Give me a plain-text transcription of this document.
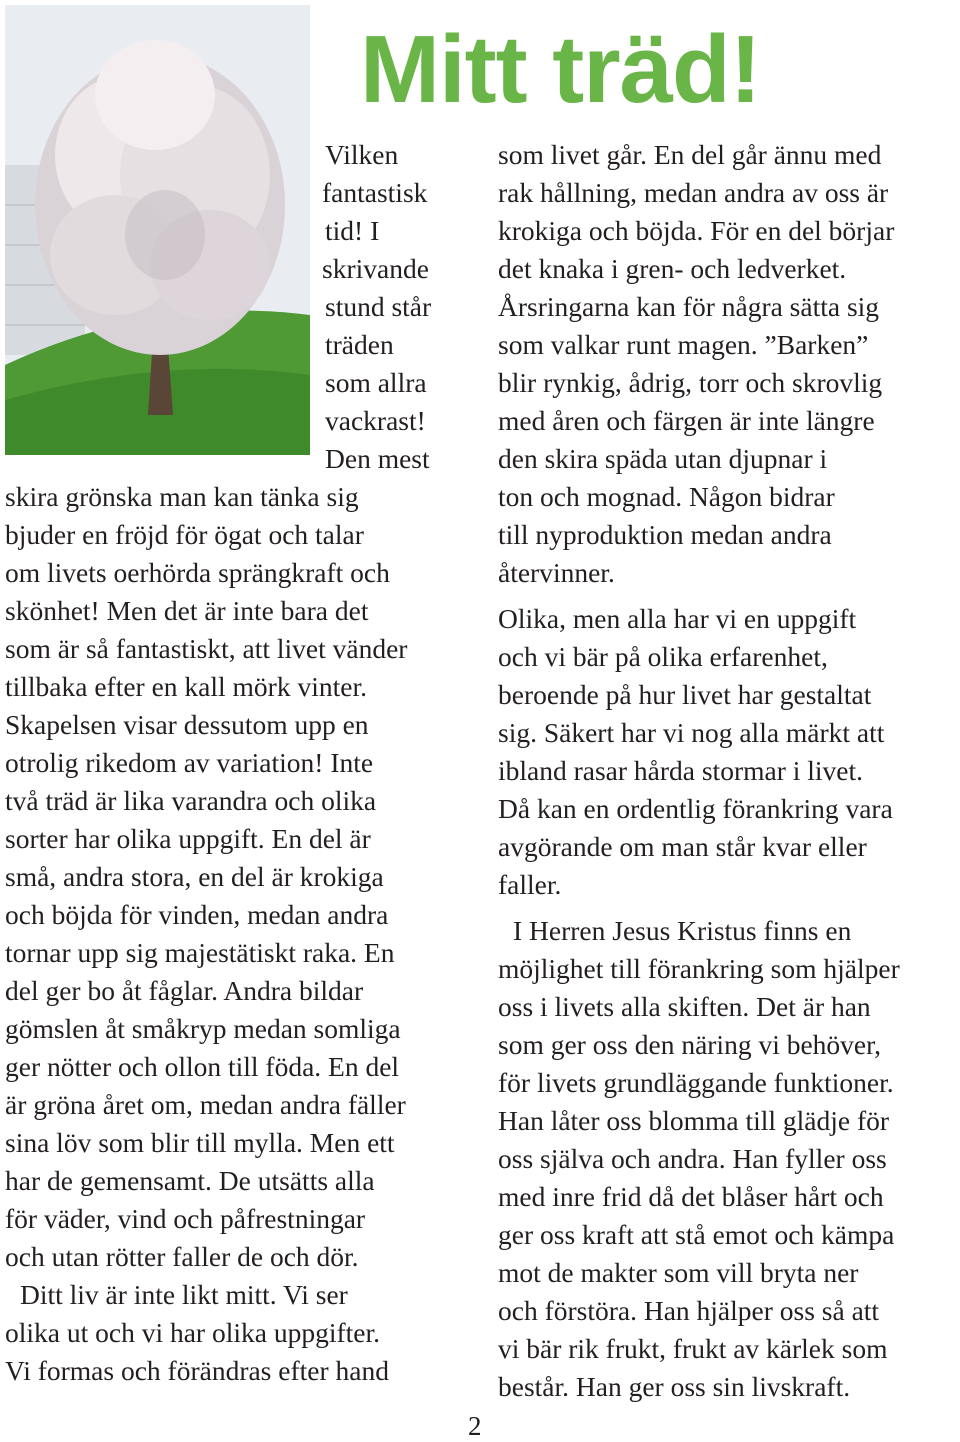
Mitt träd!

Vilken

fantastisk

tid! I

skrivande

stund står

träden

som allra

vackrast!

Den mest

skira grönska man kan tänka sig

bjuder en fröjd för ögat och talar

om livets oerhörda sprängkraft och

skönhet! Men det är inte bara det

som är så fantastiskt, att livet vänder

tillbaka efter en kall mörk vinter.

Skapelsen visar dessutom upp en

otrolig rikedom av variation! Inte

två träd är lika varandra och olika

sorter har olika uppgift. En del är

små, andra stora, en del är krokiga

och böjda för vinden, medan andra

tornar upp sig majestätiskt raka. En

del ger bo åt fåglar. Andra bildar

gömslen åt småkryp medan somliga

ger nötter och ollon till föda. En del

är gröna året om, medan andra fäller

sina löv som blir till mylla. Men ett

har de gemensamt. De utsätts alla

för väder, vind och påfrestningar

och utan rötter faller de och dör.

Ditt liv är inte likt mitt. Vi ser

olika ut och vi har olika uppgifter.

Vi formas och förändras efter hand

som livet går. En del går ännu med

rak hållning, medan andra av oss är

krokiga och böjda. För en del börjar

det knaka i gren- och ledverket.

Årsringarna kan för några sätta sig

som valkar runt magen. ”Barken”

blir rynkig, ådrig, torr och skrovlig

med åren och färgen är inte längre

den skira späda utan djupnar i

ton och mognad. Någon bidrar

till nyproduktion medan andra

återvinner.

Olika, men alla har vi en uppgift

och vi bär på olika erfarenhet,

beroende på hur livet har gestaltat

sig. Säkert har vi nog alla märkt att

ibland rasar hårda stormar i livet.

Då kan en ordentlig förankring vara

avgörande om man står kvar eller

faller.

I Herren Jesus Kristus finns en

möjlighet till förankring som hjälper

oss i livets alla skiften. Det är han

som ger oss den näring vi behöver,

för livets grundläggande funktioner.

Han låter oss blomma till glädje för

oss själva och andra. Han fyller oss

med inre frid då det blåser hårt och

ger oss kraft att stå emot och kämpa

mot de makter som vill bryta ner

och förstöra. Han hjälper oss så att

vi bär rik frukt, frukt av kärlek som

består. Han ger oss sin livskraft.

2
